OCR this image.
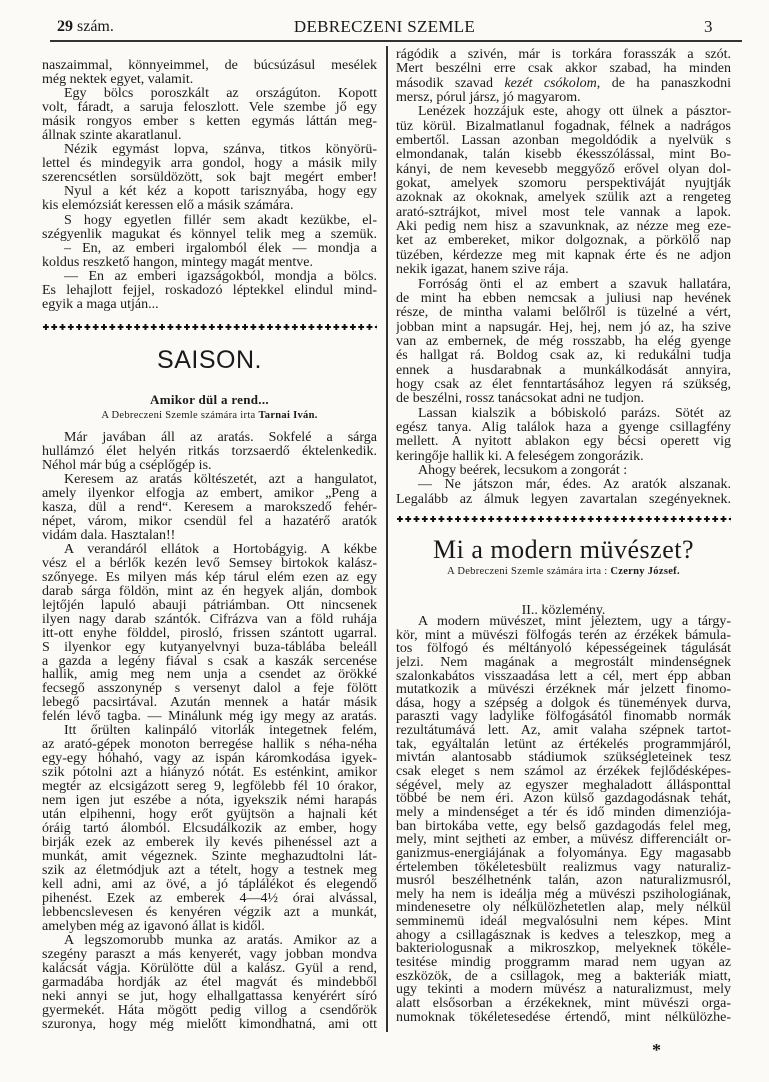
29 szám.	DEBRECZENI SZEMLE	3
naszaimmal, könnyeimmel, de búcsúzásul mesélek
még nektek egyet, valamit.
Egy bölcs poroszkált az országúton. Kopott
volt, fáradt, a saruja feloszlott. Vele szembe jő egy
másik rongyos ember s ketten egymás láttán meg-
állnak szinte akaratlanul.
Nézik egymást lopva, szánva, titkos könyörü-
lettel és mindegyik arra gondol, hogy a másik mily
szerencsétlen sorsüldözött, sok bajt megért ember!
Nyul a két kéz a kopott tarisznyába, hogy egy
kis elemózsiát keressen elő a másik számára.
S hogy egyetlen fillér sem akadt kezükbe, el-
szégyenlik magukat és könnyel telik meg a szemük.
– Én, az emberi irgalomból élek — mondja a
koldus reszkető hangon, mintegy magát mentve.
— Én az emberi igazságokból, mondja a bölcs.
És lehajlott fejjel, roskadozó léptekkel elindul mind-
egyik a maga utján...
SAISON.
Amikor dül a rend...
A Debreczeni Szemle számára irta Tarnai Iván.
Már javában áll az aratás. Sokfelé a sárga
hullámzó élet helyén ritkás torzsaerdő éktelenkedik.
Néhol már búg a cséplőgép is.
Keresem az aratás költészetét, azt a hangulatot,
amely ilyenkor elfogja az embert, amikor „Peng a
kasza, dül a rend“. Keresem a marokszedő fehér-
népet, várom, mikor csendül fel a hazatérő aratók
vidám dala. Hasztalan!!
A verandáról ellátok a Hortobágyig. A kékbe
vész el a bérlők kezén levő Semsey birtokok kalász-
szőnyege. És milyen más kép tárul elém ezen az egy
darab sárga földön, mint az én hegyek alján, dombok
lejtőjén lapuló abauji pátriámban. Ott nincsenek
ilyen nagy darab szántók. Cifrázva van a föld ruhája
itt-ott enyhe földdel, pirosló, frissen szántott ugarral.
S ilyenkor egy kutyanyelvnyi buza-táblába beleáll
a gazda a legény fiával s csak a kaszák sercenése
hallik, amig meg nem unja a csendet az örökké
fecsegő asszonynép s versenyt dalol a feje fölött
lebegő pacsirtával. Azután mennek a határ másik
felén lévő tagba. — Minálunk még igy megy az aratás.
Itt őrülten kalinpáló vitorlák integetnek felém,
az arató-gépek monoton berregése hallik s néha-néha
egy-egy hóhahó, vagy az ispán káromkodása igyek-
szik pótolni azt a hiányzó nótát. És esténkint, amikor
megtér az elcsigázott sereg 9, legfölebb fél 10 órakor,
nem igen jut eszébe a nóta, igyekszik némi harapás
után elpihenni, hogy erőt gyüjtsön a hajnali két
óráig tartó álomból. Elcsudálkozik az ember, hogy
birják ezek az emberek ily kevés pihenéssel azt a
munkát, amit végeznek. Szinte meghazudtolni lát-
szik az életmódjuk azt a tételt, hogy a testnek meg
kell adni, ami az övé, a jó táplálékot és elegendő
pihenést. Ezek az emberek 4—4½ órai alvással,
lebbencslevesen és kenyéren végzik azt a munkát,
amelyben még az igavonó állat is kidől.
A legszomorubb munka az aratás. Amikor az a
szegény paraszt a más kenyerét, vagy jobban mondva
kalácsát vágja. Körülötte dül a kalász. Gyül a rend,
garmadába hordják az étel magvát és mindebből
neki annyi se jut, hogy elhallgattassa kenyérért síró
gyermekét. Háta mögött pedig villog a csendőrök
szuronya, hogy még mielőtt kimondhatná, ami ott
rágódik a szivén, már is torkára forasszák a szót.
Mert beszélni erre csak akkor szabad, ha minden
második szavad kezét csókolom, de ha panaszkodni
mersz, pórul jársz, jó magyarom.
Lenézek hozzájuk este, ahogy ott ülnek a pásztor-
tüz körül. Bizalmatlanul fogadnak, félnek a nadrágos
embertől. Lassan azonban megoldódik a nyelvük s
elmondanak, talán kisebb ékesszólással, mint Bo-
kányi, de nem kevesebb meggyőző erővel olyan dol-
gokat, amelyek szomoru perspektiváját nyujtják
azoknak az okoknak, amelyek szülik azt a rengeteg
arató-sztrájkot, mivel most tele vannak a lapok.
Aki pedig nem hisz a szavunknak, az nézze meg eze-
ket az embereket, mikor dolgoznak, a pörkölő nap
tüzében, kérdezze meg mit kapnak érte és ne adjon
nekik igazat, hanem szive rája.
Forróság önti el az embert a szavuk hallatára,
de mint ha ebben nemcsak a juliusi nap hevének
része, de mintha valami belőlről is tüzelné a vért,
jobban mint a napsugár. Hej, hej, nem jó az, ha szive
van az embernek, de még rosszabb, ha elég gyenge
és hallgat rá. Boldog csak az, ki redukálni tudja
ennek a husdarabnak a munkálkodását annyira,
hogy csak az élet fenntartásához legyen rá szükség,
de beszélni, rossz tanácsokat adni ne tudjon.
Lassan kialszik a bóbiskoló parázs. Sötét az
egész tanya. Alig találok haza a gyenge csillagfény
mellett. A nyitott ablakon egy bécsi operett vig
keringője hallik ki. A feleségem zongorázik.
Ahogy beérek, lecsukom a zongorát :
— Ne játszon már, édes. Az aratók alszanak.
Legalább az álmuk legyen zavartalan szegényeknek.
Mi a modern müvészet?
A Debreczeni Szemle számára irta : Czerny József.
II.. közlemény.
A modern müvészet, mint jeleztem, ugy a tárgy-
kör, mint a müvészi fölfogás terén az érzékek bámula-
tos fölfogó és méltányoló képességeinek tágulását
jelzi. Nem magának a megrostált mindenségnek
szalonkabátos visszaadása lett a cél, mert épp abban
mutatkozik a müvészi érzéknek már jelzett finomo-
dása, hogy a szépség a dolgok és tünemények durva,
paraszti vagy ladylike fölfogásától finomabb normák
rezultátumává lett. Az, amit valaha szépnek tartot-
tak, egyáltalán letünt az értékelés programmjáról,
mivtán alantosabb stádiumok szükségleteinek tesz
csak eleget s nem számol az érzékek fejlődésképes-
ségével, mely az egyszer meghaladott állásponttal
többé be nem éri. Azon külső gazdagodásnak tehát,
mely a mindenséget a tér és idő minden dimenziója-
ban birtokába vette, egy belső gazdagodás felel meg,
mely, mint sejtheti az ember, a müvész differenciált or-
ganizmus-energiájának a folyománya. Egy magasabb
értelemben tökéletesbült realizmus vagy naturaliz-
musról beszélhetnénk talán, azon naturalizmusról,
mely ha nem is ideálja még a müvészi pszihologiának,
mindenesetre oly nélkülözhetetlen alap, mely nélkül
semminemü ideál megvalósulni nem képes. Mint
ahogy a csillagásznak is kedves a teleszkop, meg a
bakteriologusnak a mikroszkop, melyeknek tökéle-
tesitése mindig proggramm marad nem ugyan az
eszközök, de a csillagok, meg a bakteriák miatt,
ugy tekinti a modern müvész a naturalizmust, mely
alatt elsősorban a érzékeknek, mint müvészi orga-
numoknak tökéletesedése értendő, mint nélkülözhe-
*
